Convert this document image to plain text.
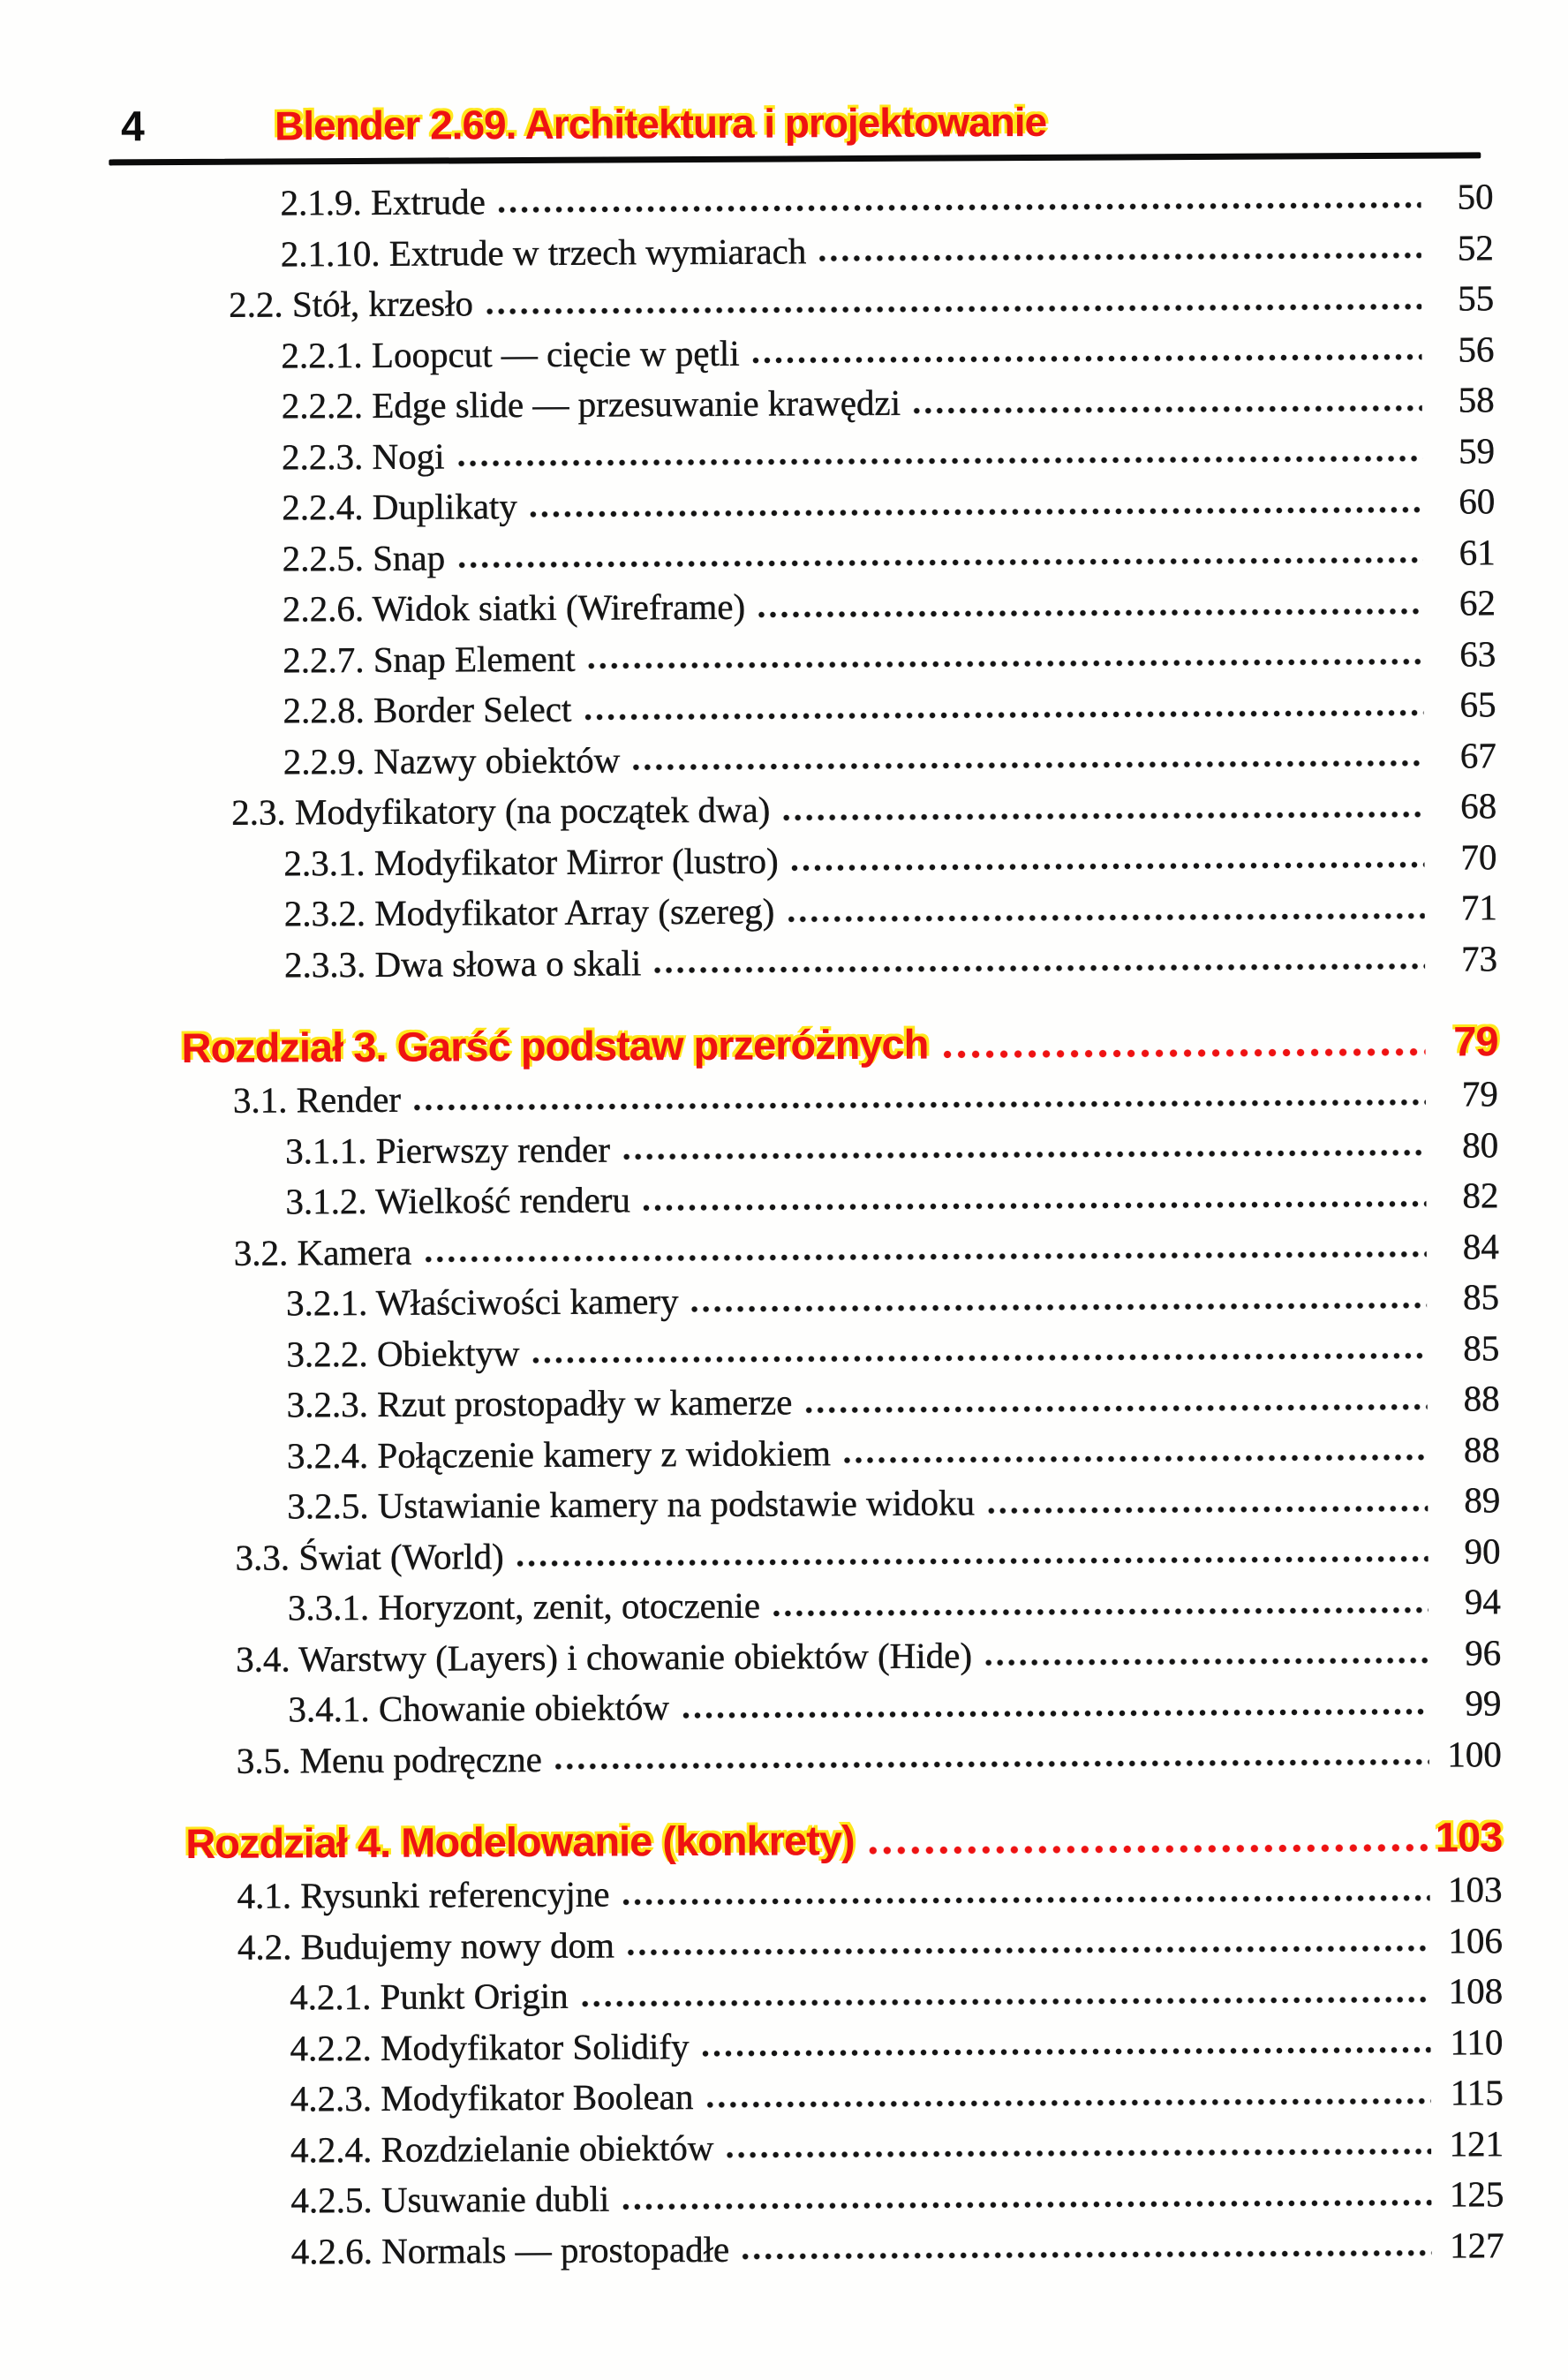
4	Blender 2.69. Architektura i projektowanie
2.1.9. Extrude	50
2.1.10. Extrude w trzech wymiarach	52
2.2. Stół, krzesło	55
2.2.1. Loopcut — cięcie w pętli	56
2.2.2. Edge slide — przesuwanie krawędzi	58
2.2.3. Nogi	59
2.2.4. Duplikaty	60
2.2.5. Snap	61
2.2.6. Widok siatki (Wireframe)	62
2.2.7. Snap Element	63
2.2.8. Border Select	65
2.2.9. Nazwy obiektów	67
2.3. Modyfikatory (na początek dwa)	68
2.3.1. Modyfikator Mirror (lustro)	70
2.3.2. Modyfikator Array (szereg)	71
2.3.3. Dwa słowa o skali	73
Rozdział 3. Garść podstaw przeróżnych	79
3.1. Render	79
3.1.1. Pierwszy render	80
3.1.2. Wielkość renderu	82
3.2. Kamera	84
3.2.1. Właściwości kamery	85
3.2.2. Obiektyw	85
3.2.3. Rzut prostopadły w kamerze	88
3.2.4. Połączenie kamery z widokiem	88
3.2.5. Ustawianie kamery na podstawie widoku	89
3.3. Świat (World)	90
3.3.1. Horyzont, zenit, otoczenie	94
3.4. Warstwy (Layers) i chowanie obiektów (Hide)	96
3.4.1. Chowanie obiektów	99
3.5. Menu podręczne	100
Rozdział 4. Modelowanie (konkrety)	103
4.1. Rysunki referencyjne	103
4.2. Budujemy nowy dom	106
4.2.1. Punkt Origin	108
4.2.2. Modyfikator Solidify	110
4.2.3. Modyfikator Boolean	115
4.2.4. Rozdzielanie obiektów	121
4.2.5. Usuwanie dubli	125
4.2.6. Normals — prostopadłe	127
